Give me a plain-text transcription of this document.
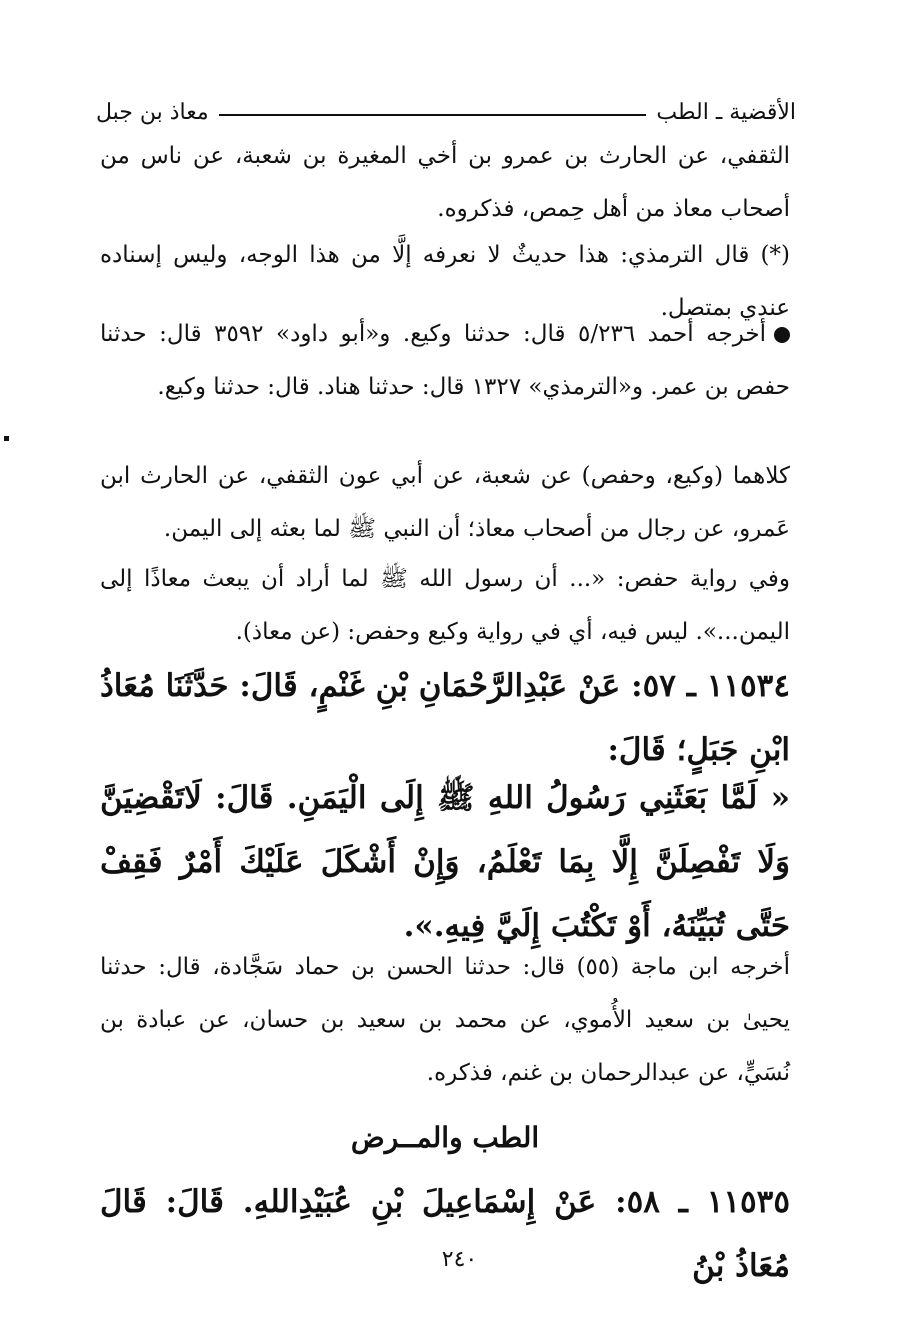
الأقضية ـ الطب
معاذ بن جبل
الثقفي، عن الحارث بن عمرو بن أخي المغيرة بن شعبة، عن ناس من أصحاب معاذ من أهل حِمص، فذكروه.
(*) قال الترمذي: هذا حديثٌ لا نعرفه إلَّا من هذا الوجه، وليس إسناده عندي بمتصل.
أخرجه أحمد ٥/٢٣٦ قال: حدثنا وكيع. و«أبو داود» ٣٥٩٢ قال: حدثنا حفص بن عمر. و«الترمذي» ١٣٢٧ قال: حدثنا هناد. قال: حدثنا وكيع.
كلاهما (وكيع، وحفص) عن شعبة، عن أبي عون الثقفي، عن الحارث ابن عَمرو، عن رجال من أصحاب معاذ؛ أن النبي ﷺ لما بعثه إلى اليمن.
وفي رواية حفص: «... أن رسول الله ﷺ لما أراد أن يبعث معاذًا إلى اليمن...». ليس فيه، أي في رواية وكيع وحفص: (عن معاذ).
١١٥٣٤ ـ ٥٧: عَنْ عَبْدِالرَّحْمَانِ بْنِ غَنْمٍ، قَالَ: حَدَّثَنَا مُعَاذُ ابْنِ جَبَلٍ؛ قَالَ:
« لَمَّا بَعَثَنِي رَسُولُ اللهِ ﷺ إِلَى الْيَمَنِ. قَالَ: لَاتَقْضِيَنَّ وَلَا تَفْصِلَنَّ إِلَّا بِمَا تَعْلَمُ، وَإِنْ أَشْكَلَ عَلَيْكَ أَمْرٌ فَقِفْ حَتَّى تُبَيِّنَهُ، أَوْ تَكْتُبَ إِلَيَّ فِيهِ.».
أخرجه ابن ماجة (٥٥) قال: حدثنا الحسن بن حماد سَجَّادة، قال: حدثنا يحيىٰ بن سعيد الأُموي، عن محمد بن سعيد بن حسان، عن عبادة بن نُسَيٍّ، عن عبدالرحمان بن غنم، فذكره.
الطب والمــرض
١١٥٣٥ ـ ٥٨: عَنْ إِسْمَاعِيلَ بْنِ عُبَيْدِاللهِ. قَالَ: قَالَ مُعَاذُ بْنُ
٢٤٠
